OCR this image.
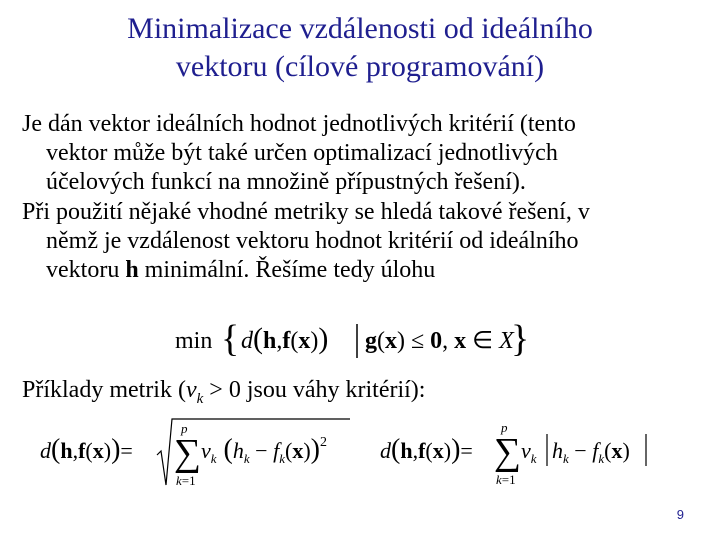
Minimalizace vzdálenosti od ideálního
vektoru (cílové programování)
Je dán vektor ideálních hodnot jednotlivých kritérií (tento
vektor může být také určen optimalizací jednotlivých
účelových funkcí na množině přípustných řešení).
Při použití nějaké vhodné metriky se hledá takové řešení, v
němž je vzdálenost vektoru hodnot kritérií od ideálního
vektoru h minimální. Řešíme tedy úlohu
min { d(h,f(x)) g(x) ≤ 0, x ∈ X
}
Příklady metrik ($v_k > 0$ jsou váhy kritérií):
d(h,f(x))=
p
∑
k=1
$v_k$ $(h_k - f_k(x))^2$ d(h,f(x))=
p
∑
k=1
$v_k$ $h_k - f_k(x)$
9
